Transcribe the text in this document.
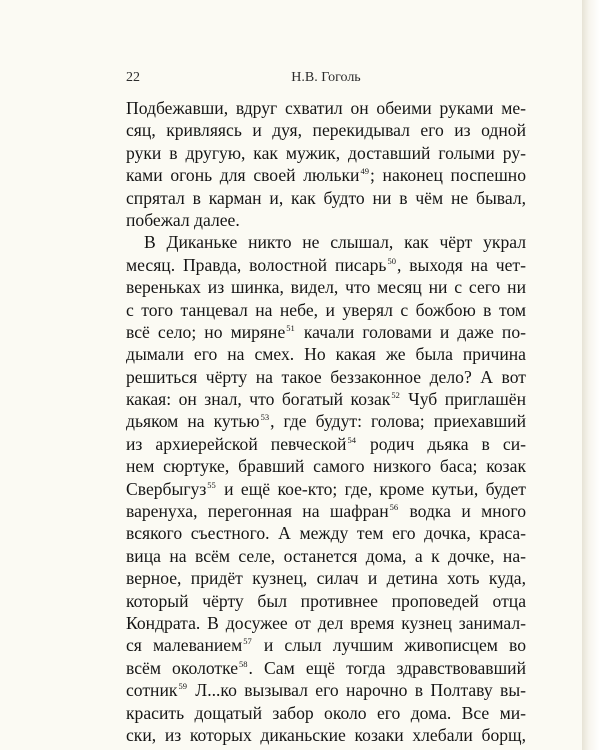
22	Н.В. Гоголь
Подбежавши, вдруг схватил он обеими руками ме-
сяц, кривляясь и дуя, перекидывал его из одной
руки в другую, как мужик, доставший голыми ру-
ками огонь для своей люльки$^{49}$; наконец поспешно
спрятал в карман и, как будто ни в чём не бывал,
побежал далее.
В Диканьке никто не слышал, как чёрт украл
месяц. Правда, волостной писарь$^{50}$, выходя на чет-
вереньках из шинка, видел, что месяц ни с сего ни
с того танцевал на небе, и уверял с божбою в том
всё село; но миряне$^{51}$ качали головами и даже по-
дымали его на смех. Но какая же была причина
решиться чёрту на такое беззаконное дело? А вот
какая: он знал, что богатый козак$^{52}$ Чуб приглашён
дьяком на кутью$^{53}$, где будут: голова; приехавший
из архиерейской певческой$^{54}$ родич дьяка в си-
нем сюртуке, бравший самого низкого баса; козак
Свербыгуз$^{55}$ и ещё кое-кто; где, кроме кутьи, будет
варенуха, перегонная на шафран$^{56}$ водка и много
всякого съестного. А между тем его дочка, красa-
вица на всём селе, останется дома, а к дочке, на-
верное, придёт кузнец, силач и детина хоть куда,
который чёрту был противнее проповедей отца
Кондрата. В досужее от дел время кузнец занимал-
ся малеванием$^{57}$ и слыл лучшим живописцем во
всём околотке$^{58}$. Сам ещё тогда здравствовавший
сотник$^{59}$ Л...ко вызывал его нарочно в Полтаву вы-
красить дощатый забор около его дома. Все ми-
ски, из которых диканьские козаки хлебали борщ,
